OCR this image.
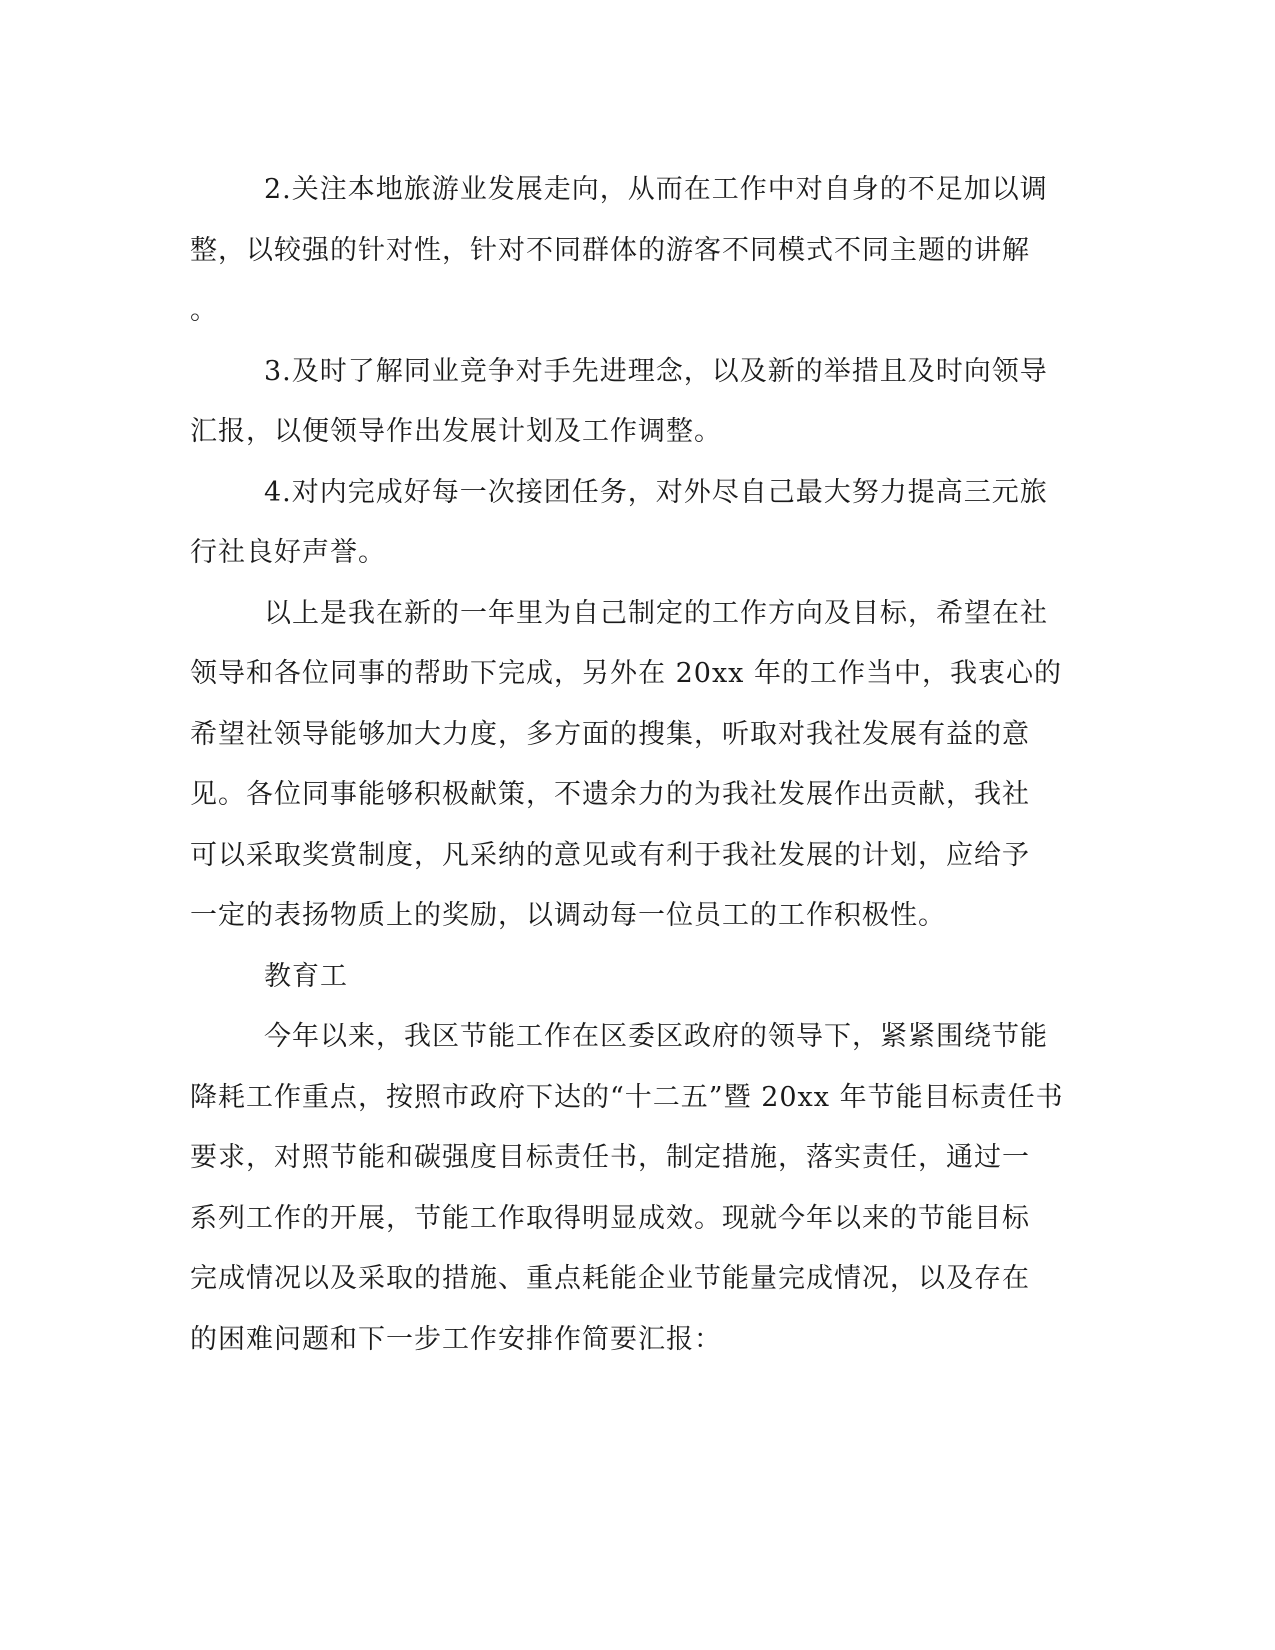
2.关注本地旅游业发展走向，从而在工作中对自身的不足加以调
整，以较强的针对性，针对不同群体的游客不同模式不同主题的讲解
。
3.及时了解同业竞争对手先进理念，以及新的举措且及时向领导
汇报，以便领导作出发展计划及工作调整。
4.对内完成好每一次接团任务，对外尽自己最大努力提高三元旅
行社良好声誉。
以上是我在新的一年里为自己制定的工作方向及目标，希望在社
领导和各位同事的帮助下完成，另外在 20xx 年的工作当中，我衷心的
希望社领导能够加大力度，多方面的搜集，听取对我社发展有益的意
见。各位同事能够积极献策，不遗余力的为我社发展作出贡献，我社
可以采取奖赏制度，凡采纳的意见或有利于我社发展的计划，应给予
一定的表扬物质上的奖励，以调动每一位员工的工作积极性。
教育工
今年以来，我区节能工作在区委区政府的领导下，紧紧围绕节能
降耗工作重点，按照市政府下达的“十二五”暨 20xx 年节能目标责任书
要求，对照节能和碳强度目标责任书，制定措施，落实责任，通过一
系列工作的开展，节能工作取得明显成效。现就今年以来的节能目标
完成情况以及采取的措施、重点耗能企业节能量完成情况，以及存在
的困难问题和下一步工作安排作简要汇报：
